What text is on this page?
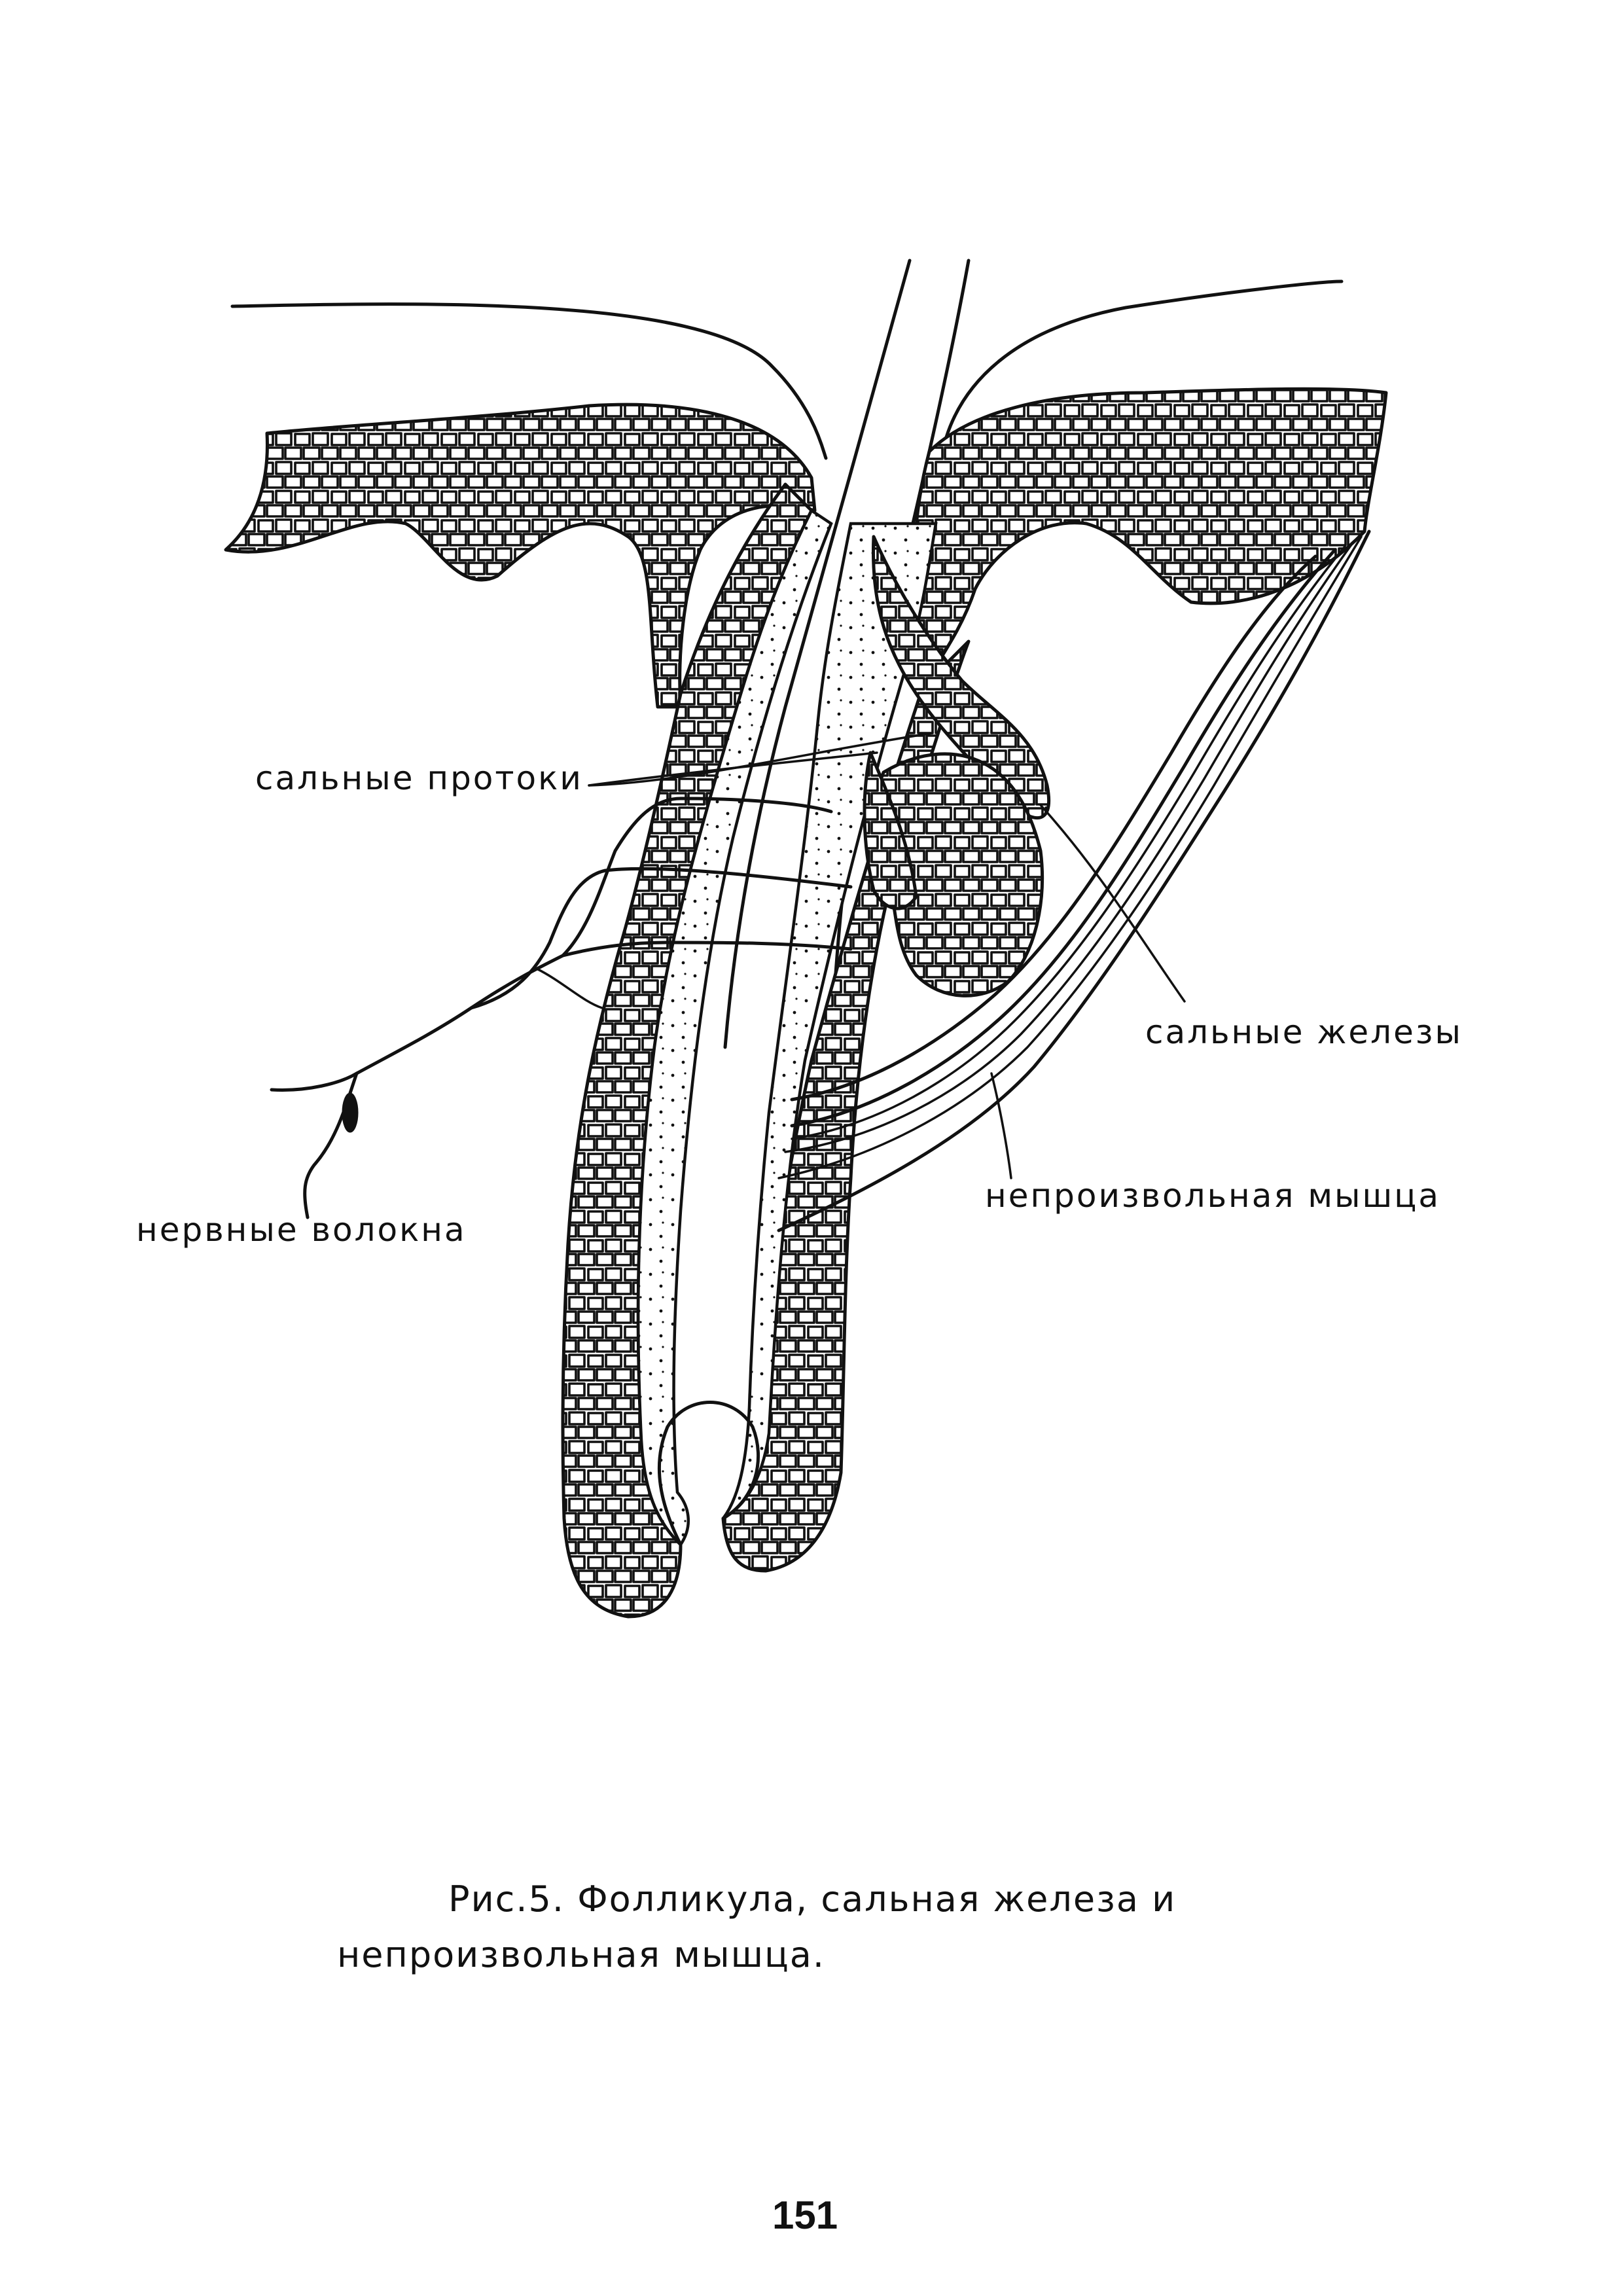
сальные протоки
сальные железы
непроизвольная мышца
нервные волокна
Рис.5. Фолликула, сальная железа и
непроизвольная мышца.
151
